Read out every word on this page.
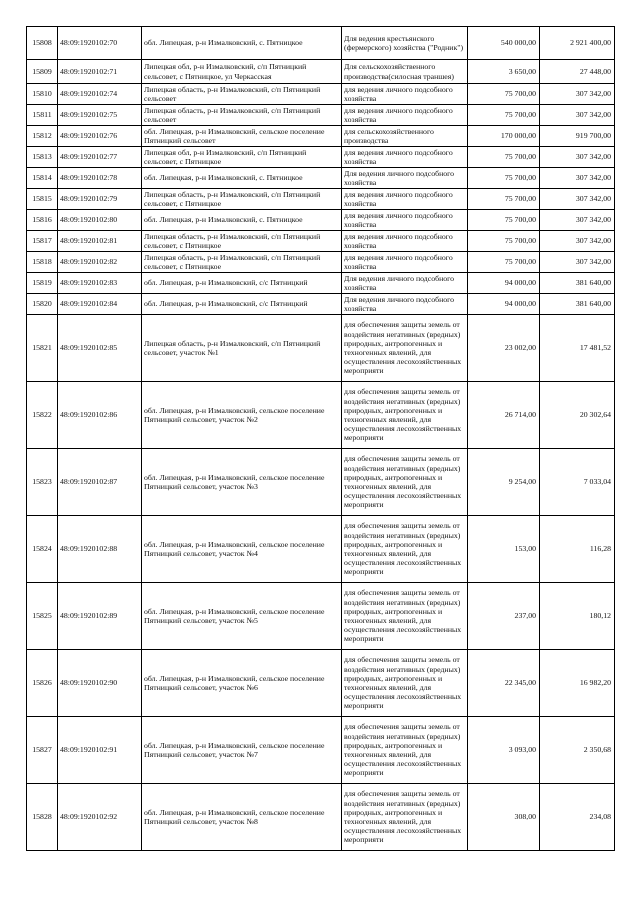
15808	48:09:1920102:70	обл. Липецкая, р-н Измалковский, с. Пятницкое	Для ведения крестьянского (фермерского) хозяйства ("Родник")	540 000,00	2 921 400,00

15809	48:09:1920102:71	Липецкая обл, р-н Измалковский, с/п Пятницкий сельсовет, с Пятницкое, ул Черкасская	Для сельскохозяйственного производства(силосная траншея)	3 650,00	27 448,00

15810	48:09:1920102:74	Липецкая область, р-н Измалковский, с/п Пятницкий сельсовет	для ведения личного подсобного хозяйства	75 700,00	307 342,00

15811	48:09:1920102:75	Липецкая область, р-н Измалковский, с/п Пятницкий сельсовет	для ведения личного подсобного хозяйства	75 700,00	307 342,00

15812	48:09:1920102:76	обл. Липецкая, р-н Измалковский, сельское поселение Пятницкий сельсовет	для сельскохозяйственного производства	170 000,00	919 700,00

15813	48:09:1920102:77	Липецкая обл, р-н Измалковский, с/п Пятницкий сельсовет, с Пятницкое	для ведения личного подсобного хозяйства	75 700,00	307 342,00

15814	48:09:1920102:78	обл. Липецкая, р-н Измалковский, с. Пятницкое	Для ведения личного подсобного хозяйства	75 700,00	307 342,00

15815	48:09:1920102:79	Липецкая область, р-н Измалковский, с/п Пятницкий сельсовет, с Пятницкое	для ведения личного подсобного хозяйства	75 700,00	307 342,00

15816	48:09:1920102:80	обл. Липецкая, р-н Измалковский, с. Пятницкое	для ведения личного подсобного хозяйства	75 700,00	307 342,00

15817	48:09:1920102:81	Липецкая область, р-н Измалковский, с/п Пятницкий сельсовет, с Пятницкое	для ведения личного подсобного хозяйства	75 700,00	307 342,00

15818	48:09:1920102:82	Липецкая область, р-н Измалковский, с/п Пятницкий сельсовет, с Пятницкое	для ведения личного подсобного хозяйства	75 700,00	307 342,00

15819	48:09:1920102:83	обл. Липецкая, р-н Измалковский, с/с Пятницкий	Для ведения личного подсобного хозяйства	94 000,00	381 640,00

15820	48:09:1920102:84	обл. Липецкая, р-н Измалковский, с/с Пятницкий	Для ведения личного подсобного хозяйства	94 000,00	381 640,00

15821	48:09:1920102:85	Липецкая область, р-н Измалковский, с/п Пятницкий сельсовет, участок №1	для обеспечения защиты земель от воздействия негативных (вредных) природных, антропогенных и техногенных явлений, для осуществления лесохозяйственных мероприяти	23 002,00	17 481,52

15822	48:09:1920102:86	обл. Липецкая, р-н Измалковский, сельское поселение Пятницкий сельсовет, участок №2	для обеспечения защиты земель от воздействия негативных (вредных) природных, антропогенных и техногенных явлений, для осуществления лесохозяйственных мероприяти	26 714,00	20 302,64

15823	48:09:1920102:87	обл. Липецкая, р-н Измалковский, сельское поселение Пятницкий сельсовет, участок №3	для обеспечения защиты земель от воздействия негативных (вредных) природных, антропогенных и техногенных явлений, для осуществления лесохозяйственных мероприяти	9 254,00	7 033,04

15824	48:09:1920102:88	обл. Липецкая, р-н Измалковский, сельское поселение Пятницкий сельсовет, участок №4	для обеспечения защиты земель от воздействия негативных (вредных) природных, антропогенных и техногенных явлений, для осуществления лесохозяйственных мероприяти	153,00	116,28

15825	48:09:1920102:89	обл. Липецкая, р-н Измалковский, сельское поселение Пятницкий сельсовет, участок №5	для обеспечения защиты земель от воздействия негативных (вредных) природных, антропогенных и техногенных явлений, для осуществления лесохозяйственных мероприяти	237,00	180,12

15826	48:09:1920102:90	обл. Липецкая, р-н Измалковский, сельское поселение Пятницкий сельсовет, участок №6	для обеспечения защиты земель от воздействия негативных (вредных) природных, антропогенных и техногенных явлений, для осуществления лесохозяйственных мероприяти	22 345,00	16 982,20

15827	48:09:1920102:91	обл. Липецкая, р-н Измалковский, сельское поселение Пятницкий сельсовет, участок №7	для обеспечения защиты земель от воздействия негативных (вредных) природных, антропогенных и техногенных явлений, для осуществления лесохозяйственных мероприяти	3 093,00	2 350,68

15828	48:09:1920102:92	обл. Липецкая, р-н Измалковский, сельское поселение Пятницкий сельсовет, участок №8	для обеспечения защиты земель от воздействия негативных (вредных) природных, антропогенных и техногенных явлений, для осуществления лесохозяйственных мероприяти	308,00	234,08
